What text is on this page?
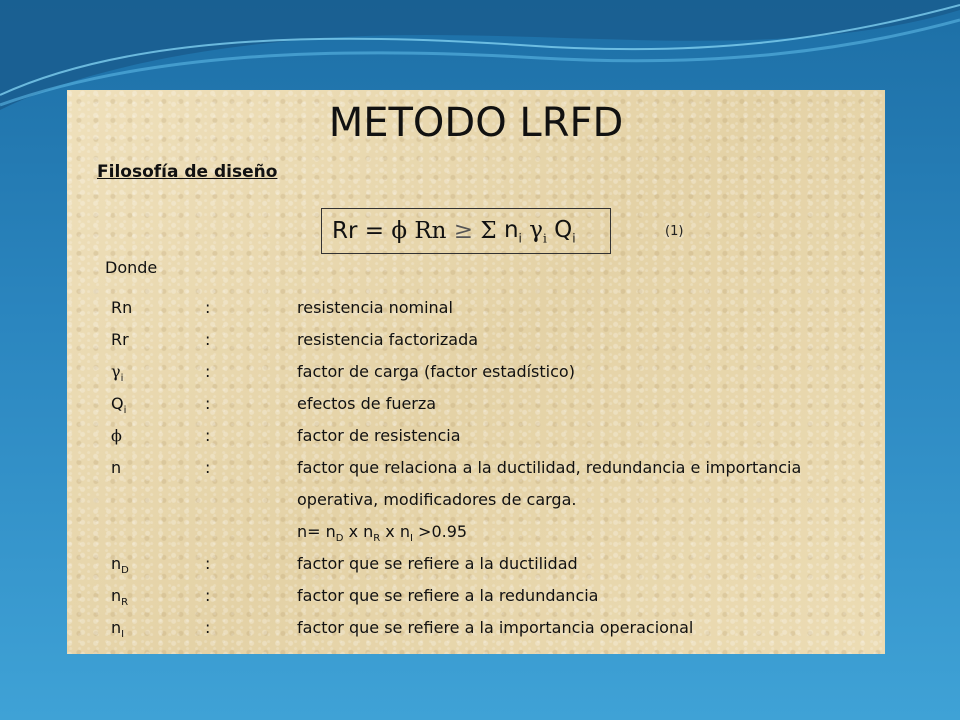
METODO LRFD
Filosofía de diseño
Rr
=
ϕ
Rn
≥
Σ
$n_i$
$\gamma_i$
$Q_i$	(1)
Donde
Rn	:	resistencia nominal
Rr	:	resistencia factorizada
$\gamma_i$	:	factor de carga (factor estadístico)
$Q_i$	:	efectos de fuerza
ϕ	:	factor de resistencia
n	:	factor que relaciona a la ductilidad, redundancia e importancia
operativa, modificadores de carga.
$n= n_D$ x $n_R$ x $n_I >0.95$
$n_D$	:	factor que se refiere a la ductilidad
$n_R$	:	factor que se refiere a la redundancia
$n_I$	:	factor que se refiere a la importancia operacional
